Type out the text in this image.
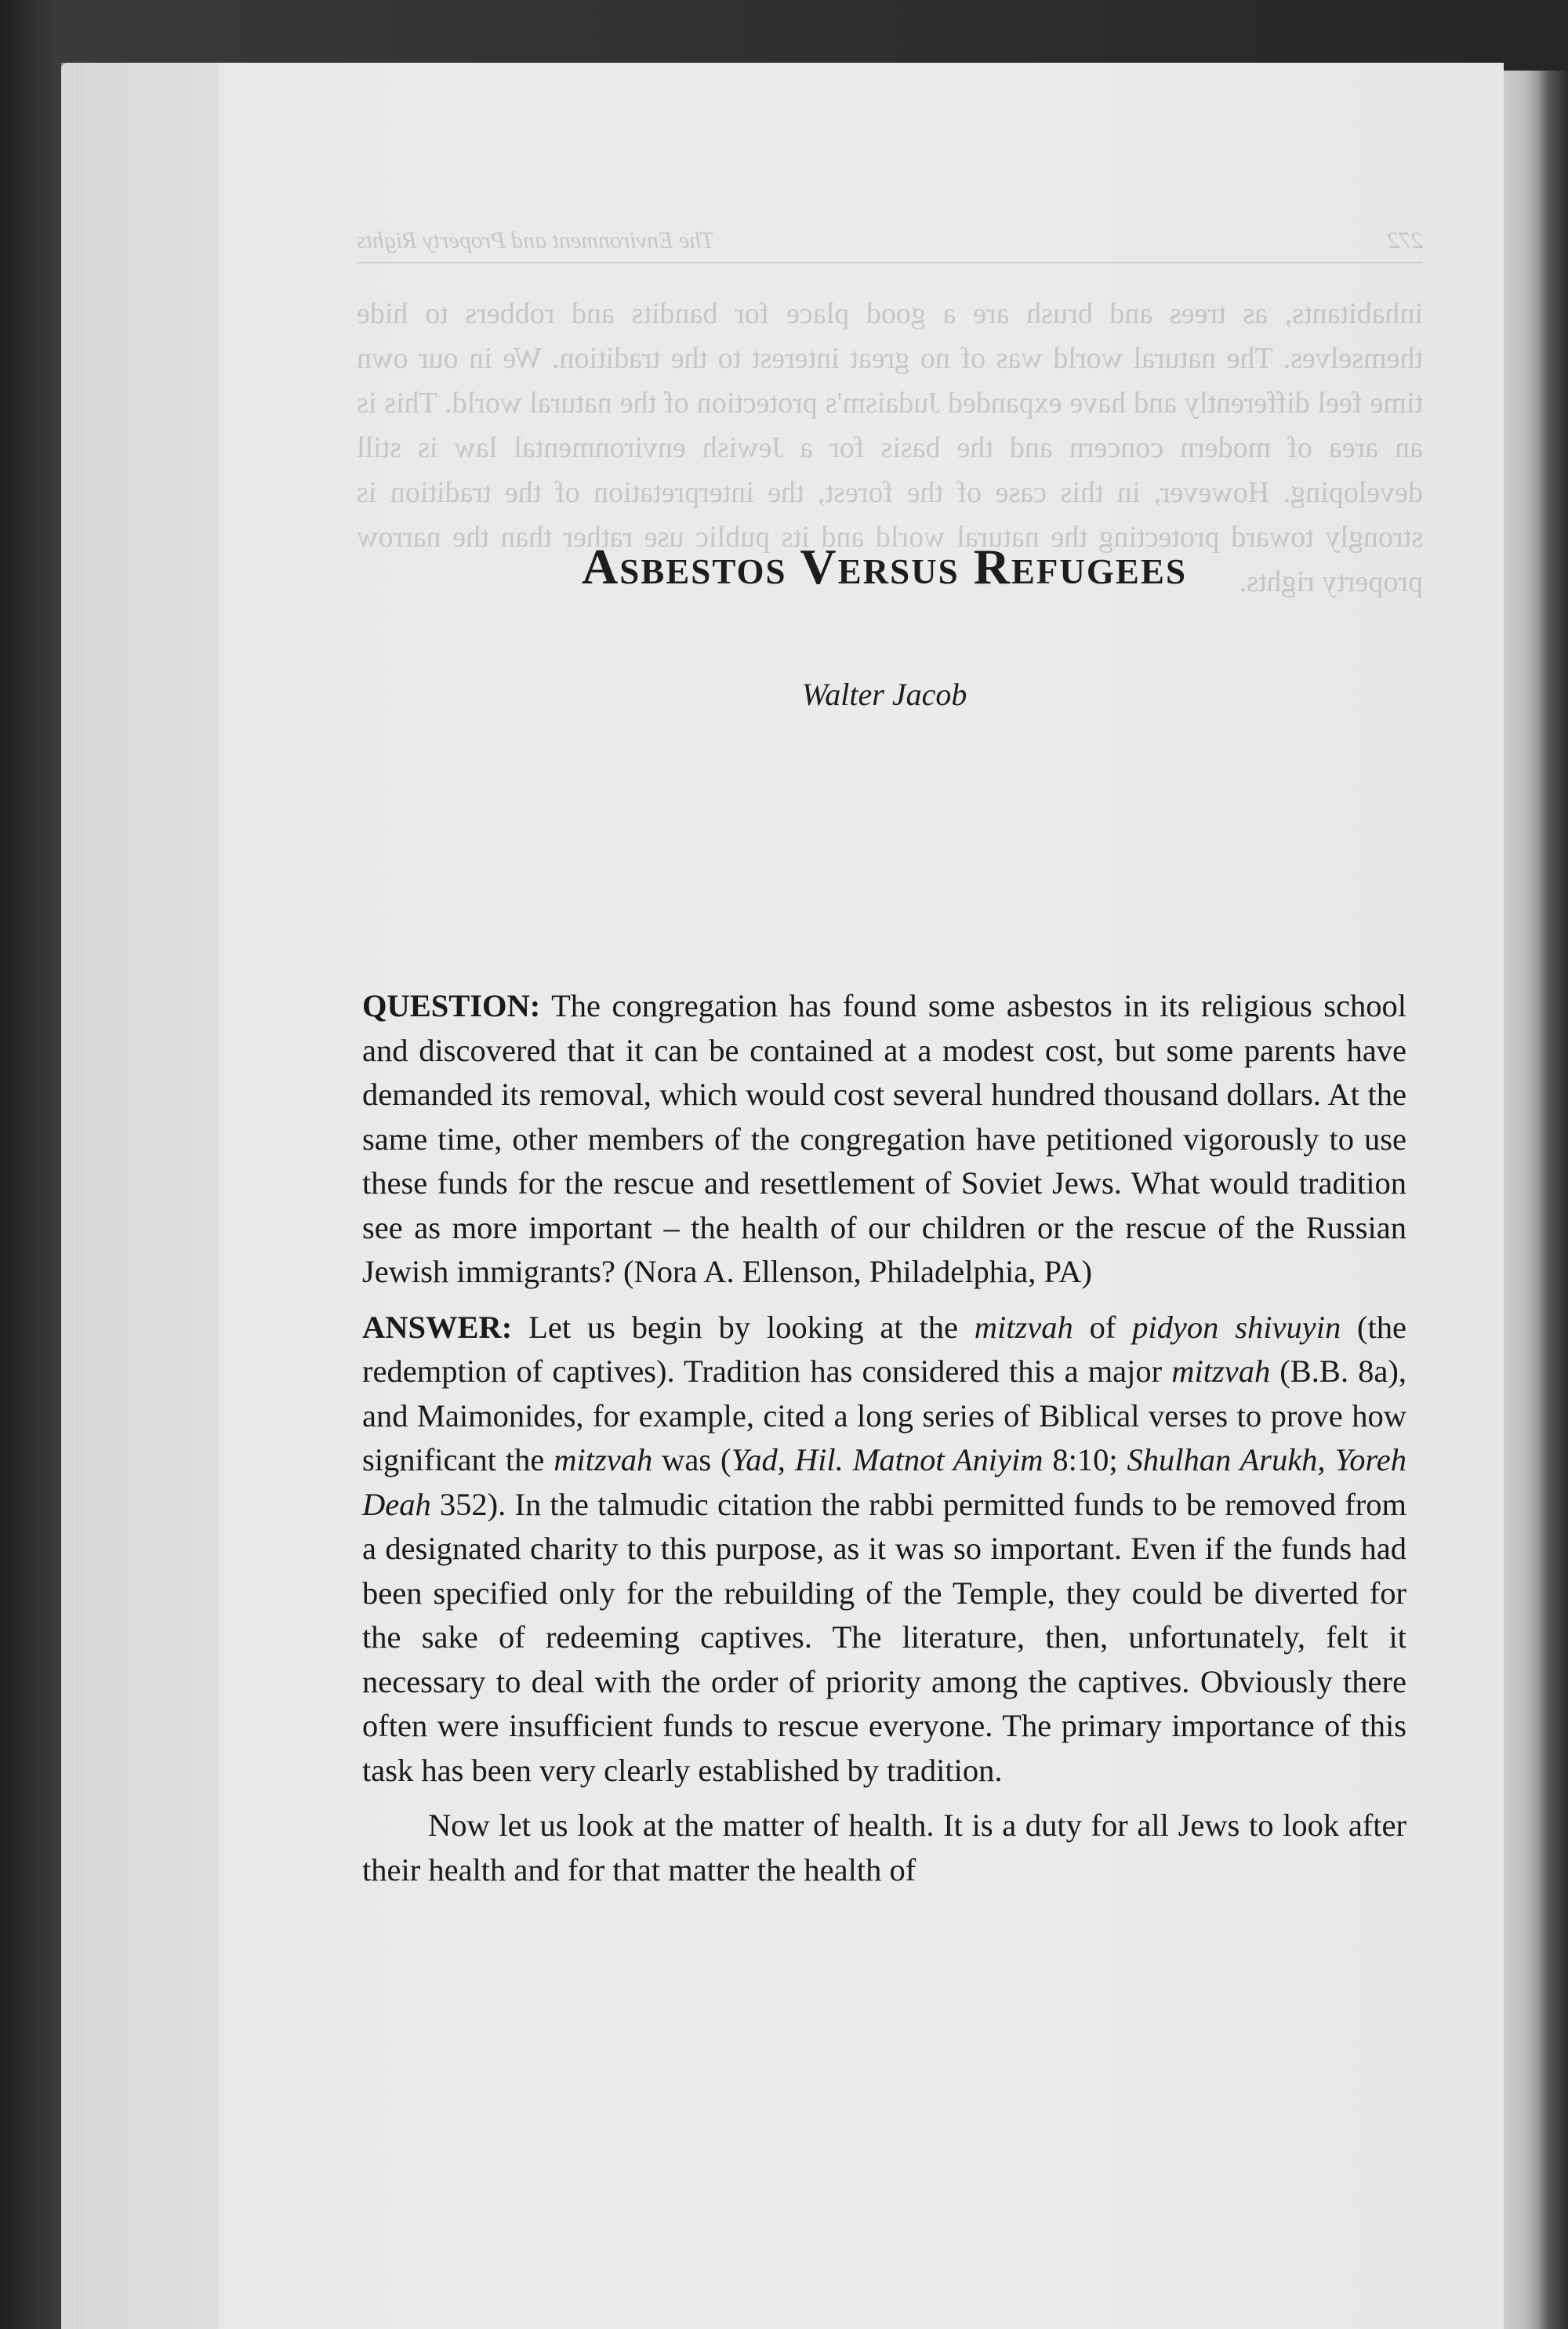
272
The Environment and Property Rights

inhabitants, as trees and brush are a good place for bandits and robbers to hide themselves. The natural world was of no great interest to the tradition. We in our own time feel differently and have expanded Judaism's protection of the natural world. This is an area of modern concern and the basis for a Jewish environmental law is still developing. However, in this case of the forest, the interpretation of the tradition is strongly toward protecting the natural world and its public use rather than the narrow property rights.

Asbestos Versus Refugees

Walter Jacob

QUESTION: The congregation has found some asbestos in its religious school and discovered that it can be contained at a modest cost, but some parents have demanded its removal, which would cost several hundred thousand dollars. At the same time, other members of the congregation have petitioned vigorously to use these funds for the rescue and resettlement of Soviet Jews. What would tradition see as more important – the health of our children or the rescue of the Russian Jewish immigrants? (Nora A. Ellenson, Philadelphia, PA)

ANSWER: Let us begin by looking at the mitzvah of pidyon shivuyin (the redemption of captives). Tradition has considered this a major mitzvah (B.B. 8a), and Maimonides, for example, cited a long series of Biblical verses to prove how significant the mitzvah was (Yad, Hil. Matnot Aniyim 8:10; Shulhan Arukh, Yoreh Deah 352). In the talmudic citation the rabbi permitted funds to be removed from a designated charity to this purpose, as it was so important. Even if the funds had been specified only for the rebuilding of the Temple, they could be diverted for the sake of redeeming captives. The literature, then, unfortunately, felt it necessary to deal with the order of priority among the captives. Obviously there often were insufficient funds to rescue everyone. The primary importance of this task has been very clearly established by tradition.

Now let us look at the matter of health. It is a duty for all Jews to look after their health and for that matter the health of
